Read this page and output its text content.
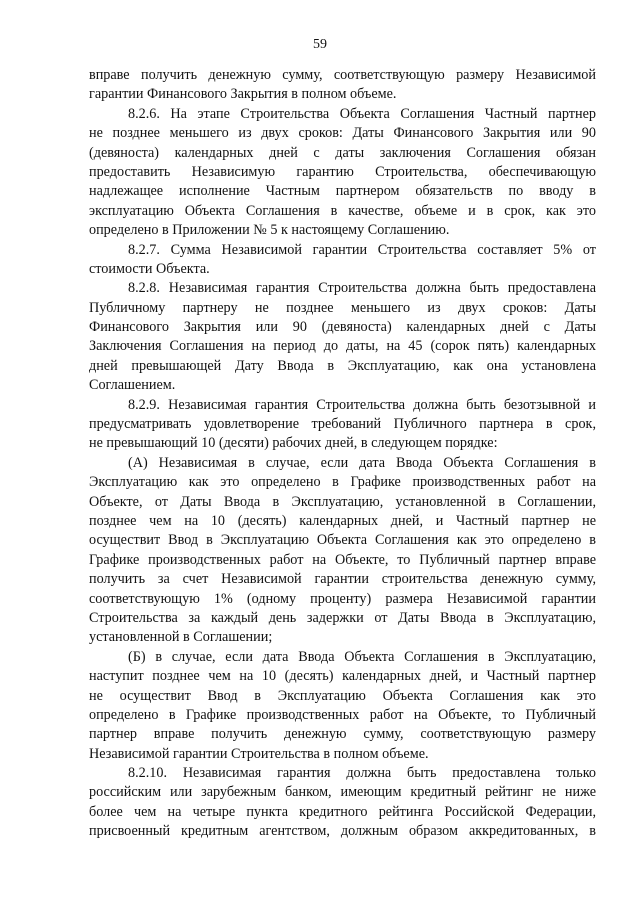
59
вправе получить денежную сумму, соответствующую размеру Независимой
гарантии Финансового Закрытия в полном объеме.
8.2.6. На этапе Строительства Объекта Соглашения Частный партнер
не позднее меньшего из двух сроков: Даты Финансового Закрытия или 90
(девяноста) календарных дней с даты заключения Соглашения обязан
предоставить Независимую гарантию Строительства, обеспечивающую
надлежащее исполнение Частным партнером обязательств по вводу в
эксплуатацию Объекта Соглашения в качестве, объеме и в срок, как это
определено в Приложении № 5 к настоящему Соглашению.
8.2.7. Сумма Независимой гарантии Строительства составляет 5% от
стоимости Объекта.
8.2.8. Независимая гарантия Строительства должна быть предоставлена
Публичному партнеру не позднее меньшего из двух сроков: Даты
Финансового Закрытия или 90 (девяноста) календарных дней с Даты
Заключения Соглашения на период до даты, на 45 (сорок пять) календарных
дней превышающей Дату Ввода в Эксплуатацию, как она установлена
Соглашением.
8.2.9. Независимая гарантия Строительства должна быть безотзывной и
предусматривать удовлетворение требований Публичного партнера в срок,
не превышающий 10 (десяти) рабочих дней, в следующем порядке:
(А) Независимая в случае, если дата Ввода Объекта Соглашения в
Эксплуатацию как это определено в Графике производственных работ на
Объекте, от Даты Ввода в Эксплуатацию, установленной в Соглашении,
позднее чем на 10 (десять) календарных дней, и Частный партнер не
осуществит Ввод в Эксплуатацию Объекта Соглашения как это определено в
Графике производственных работ на Объекте, то Публичный партнер вправе
получить за счет Независимой гарантии строительства денежную сумму,
соответствующую 1% (одному проценту) размера Независимой гарантии
Строительства за каждый день задержки от Даты Ввода в Эксплуатацию,
установленной в Соглашении;
(Б) в случае, если дата Ввода Объекта Соглашения в Эксплуатацию,
наступит позднее чем на 10 (десять) календарных дней, и Частный партнер
не осуществит Ввод в Эксплуатацию Объекта Соглашения как это
определено в Графике производственных работ на Объекте, то Публичный
партнер вправе получить денежную сумму, соответствующую размеру
Независимой гарантии Строительства в полном объеме.
8.2.10. Независимая гарантия должна быть предоставлена только
российским или зарубежным банком, имеющим кредитный рейтинг не ниже
более чем на четыре пункта кредитного рейтинга Российской Федерации,
присвоенный кредитным агентством, должным образом аккредитованных, в
